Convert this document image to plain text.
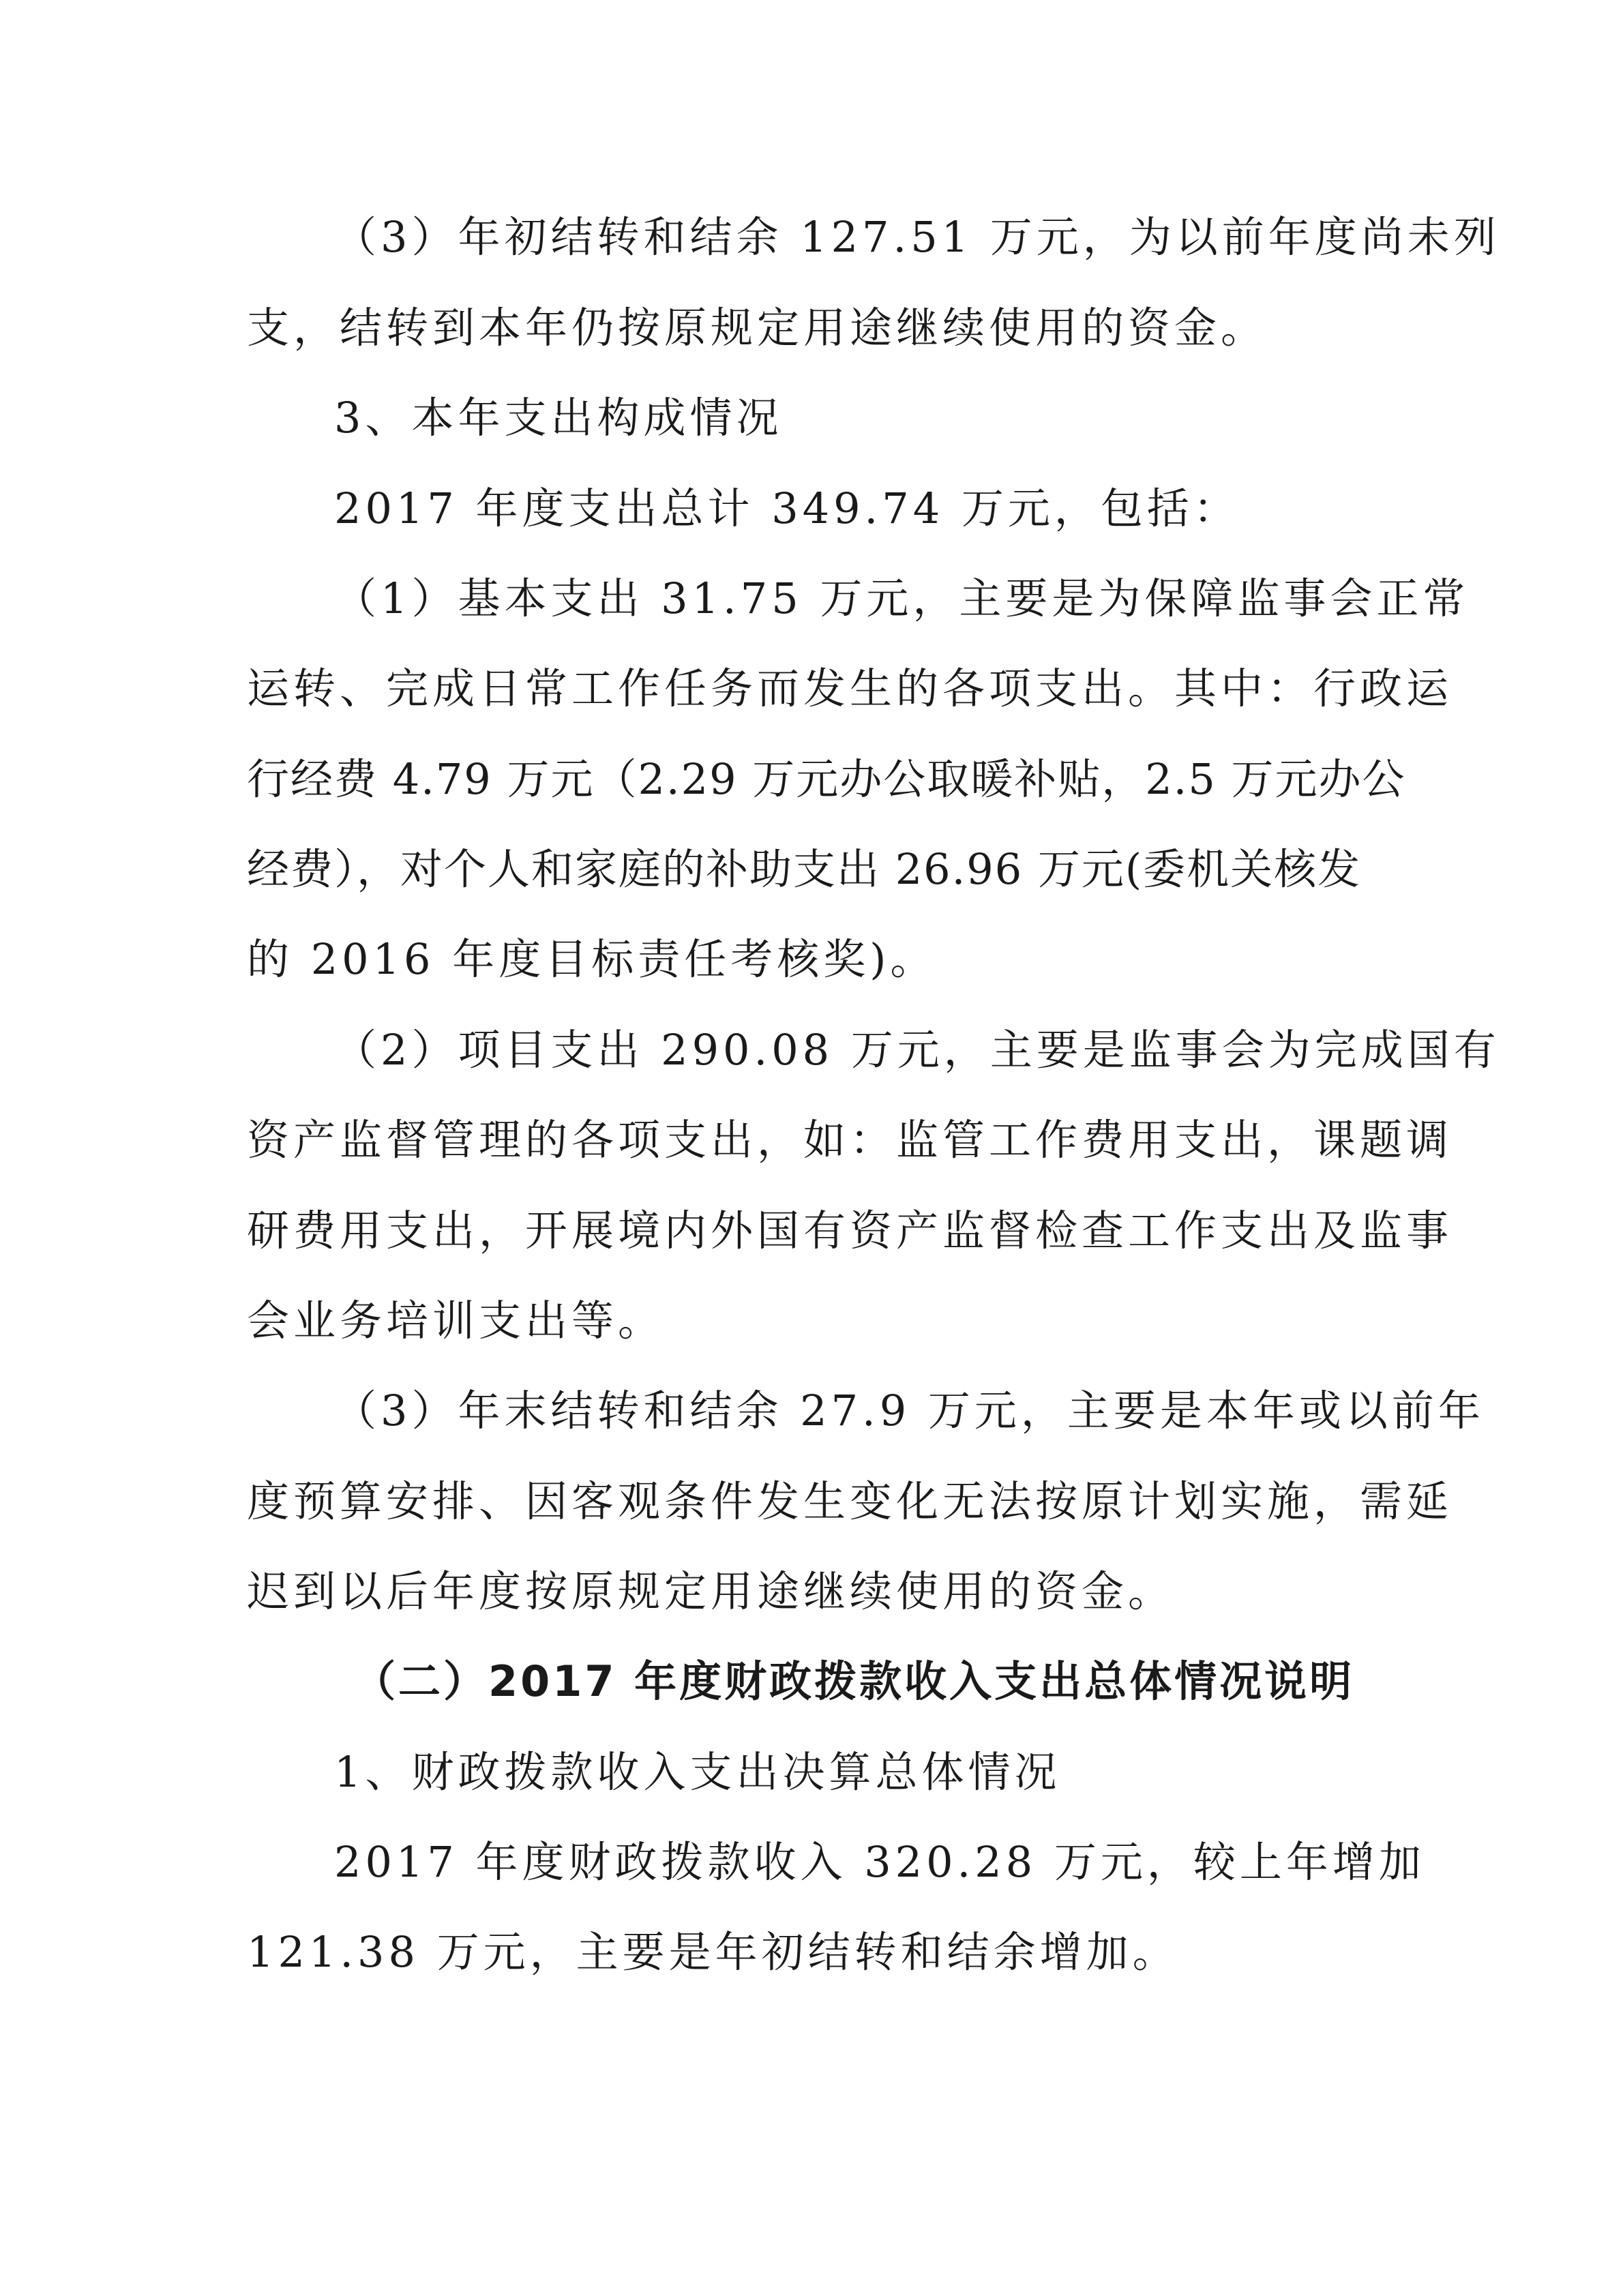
（3）年初结转和结余 127.51 万元，为以前年度尚未列
支，结转到本年仍按原规定用途继续使用的资金。
3、本年支出构成情况
2017 年度支出总计 349.74 万元，包括：
（1）基本支出 31.75 万元，主要是为保障监事会正常
运转、完成日常工作任务而发生的各项支出。其中：行政运
行经费 4.79 万元（2.29 万元办公取暖补贴，2.5 万元办公
经费），对个人和家庭的补助支出 26.96 万元(委机关核发
的 2016 年度目标责任考核奖)。
（2）项目支出 290.08 万元，主要是监事会为完成国有
资产监督管理的各项支出，如：监管工作费用支出，课题调
研费用支出，开展境内外国有资产监督检查工作支出及监事
会业务培训支出等。
（3）年末结转和结余 27.9 万元，主要是本年或以前年
度预算安排、因客观条件发生变化无法按原计划实施，需延
迟到以后年度按原规定用途继续使用的资金。
（二）2017 年度财政拨款收入支出总体情况说明
1、财政拨款收入支出决算总体情况
2017 年度财政拨款收入 320.28 万元，较上年增加
121.38 万元，主要是年初结转和结余增加。
